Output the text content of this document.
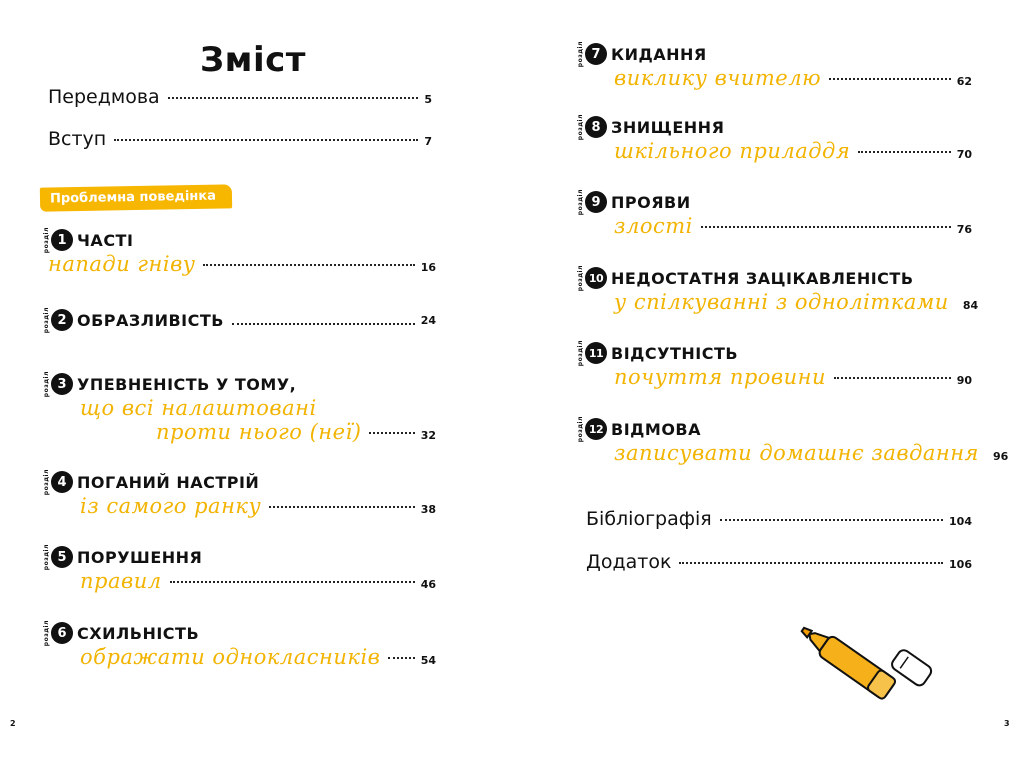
Зміст
Передмова	5
Вступ	7
Проблемна поведінка
розділ 1 ЧАСТІ
напади гніву	16
розділ 2 ОБРАЗЛИВІСТЬ	24
розділ 3 УПЕВНЕНІСТЬ У ТОМУ,
що всі налаштовані
проти нього (неї)	32
розділ 4 ПОГАНИЙ НАСТРІЙ
із самого ранку	38
розділ 5 ПОРУШЕННЯ
правил	46
розділ 6 СХИЛЬНІСТЬ
ображати однокласників	54
2
розділ 7 КИДАННЯ
виклику вчителю	62
розділ 8 ЗНИЩЕННЯ
шкільного приладдя	70
розділ 9 ПРОЯВИ
злості	76
розділ 10 НЕДОСТАТНЯ ЗАЦІКАВЛЕНІСТЬ
у спілкуванні з однолітками 84
розділ 11 ВІДСУТНІСТЬ
почуття провини	90
розділ 12 ВІДМОВА
записувати домашнє завдання 96
Бібліографія	104
Додаток	106
3
